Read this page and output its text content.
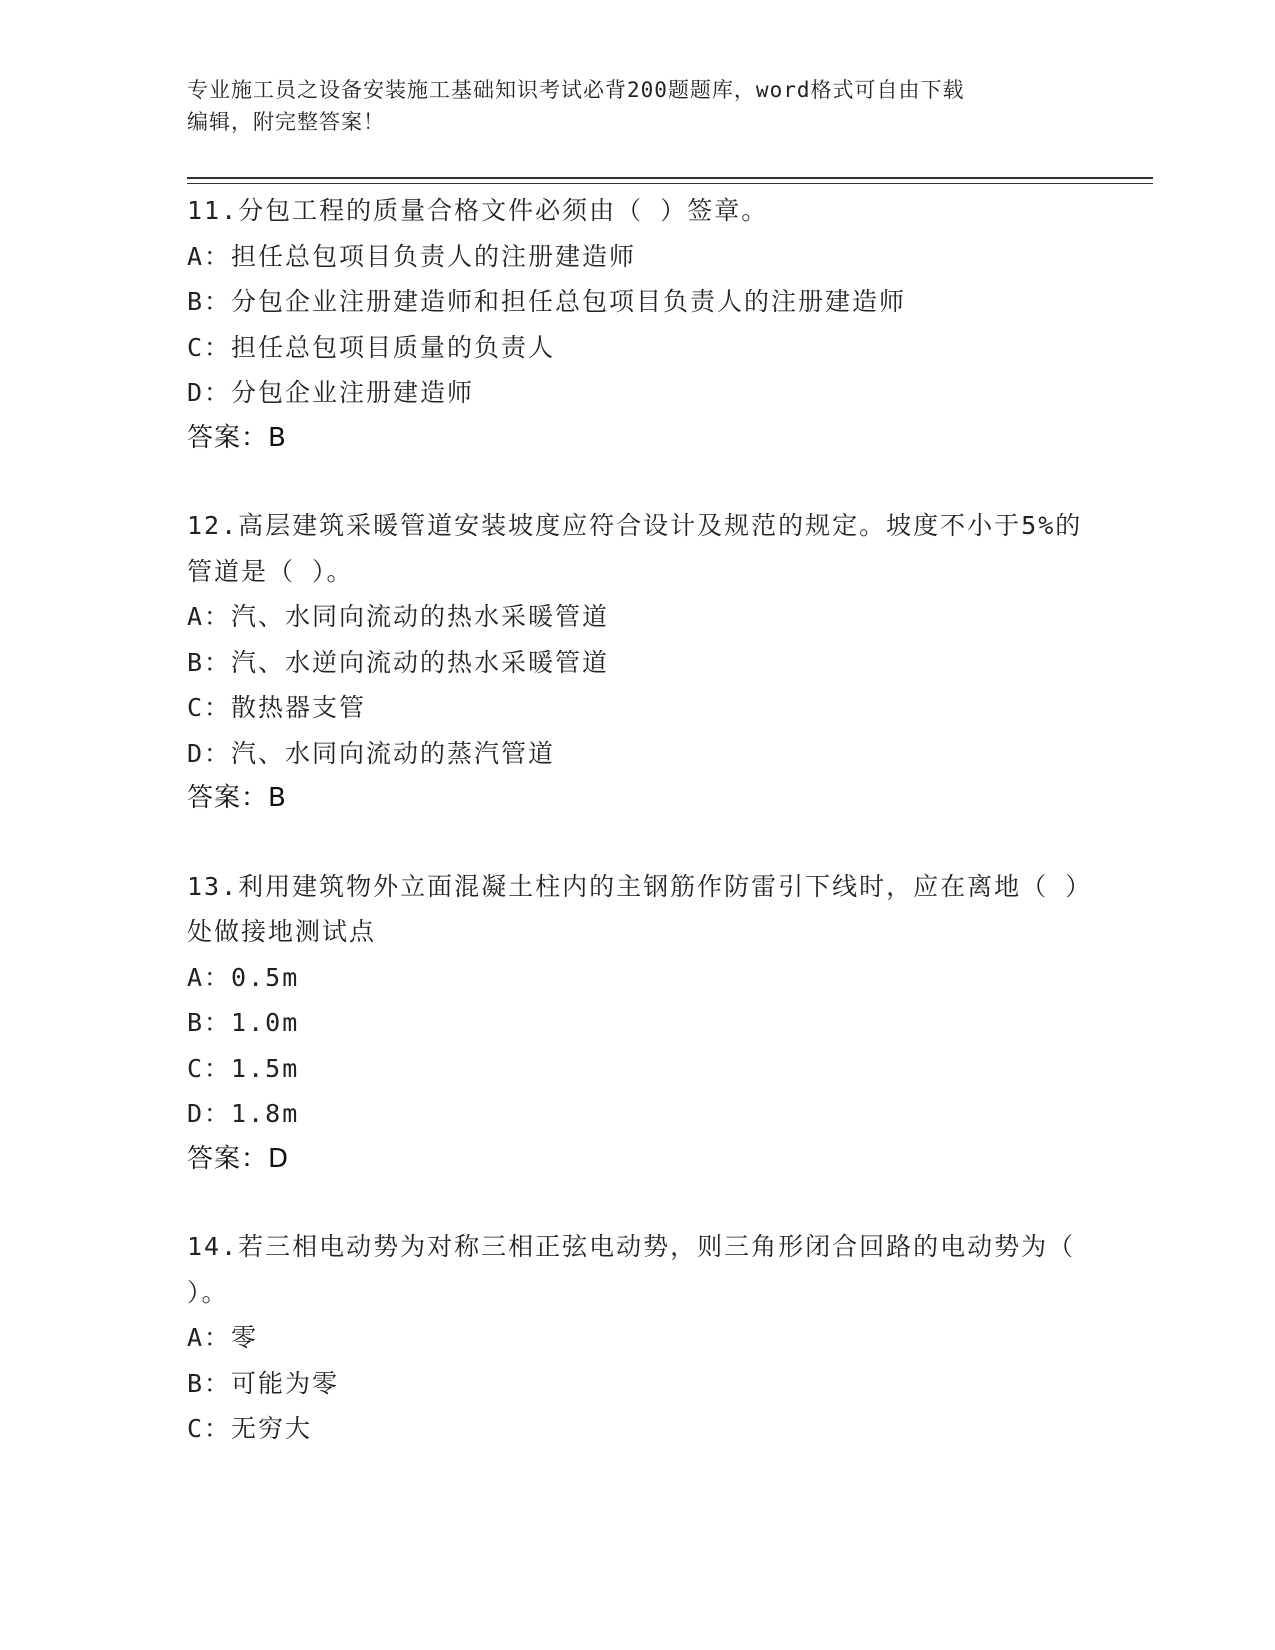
专业施工员之设备安装施工基础知识考试必背200题题库，word格式可自由下载
编辑，附完整答案！
11.分包工程的质量合格文件必须由（ ）签章。
A：担任总包项目负责人的注册建造师
B：分包企业注册建造师和担任总包项目负责人的注册建造师
C：担任总包项目质量的负责人
D：分包企业注册建造师
答案：B
12.高层建筑采暖管道安装坡度应符合设计及规范的规定。坡度不小于5%的管道是（ ）。
A：汽、水同向流动的热水采暖管道
B：汽、水逆向流动的热水采暖管道
C：散热器支管
D：汽、水同向流动的蒸汽管道
答案：B
13.利用建筑物外立面混凝土柱内的主钢筋作防雷引下线时，应在离地（ ）处做接地测试点
A：0.5m
B：1.0m
C：1.5m
D：1.8m
答案：D
14.若三相电动势为对称三相正弦电动势，则三角形闭合回路的电动势为（ ）。
A：零
B：可能为零
C：无穷大
